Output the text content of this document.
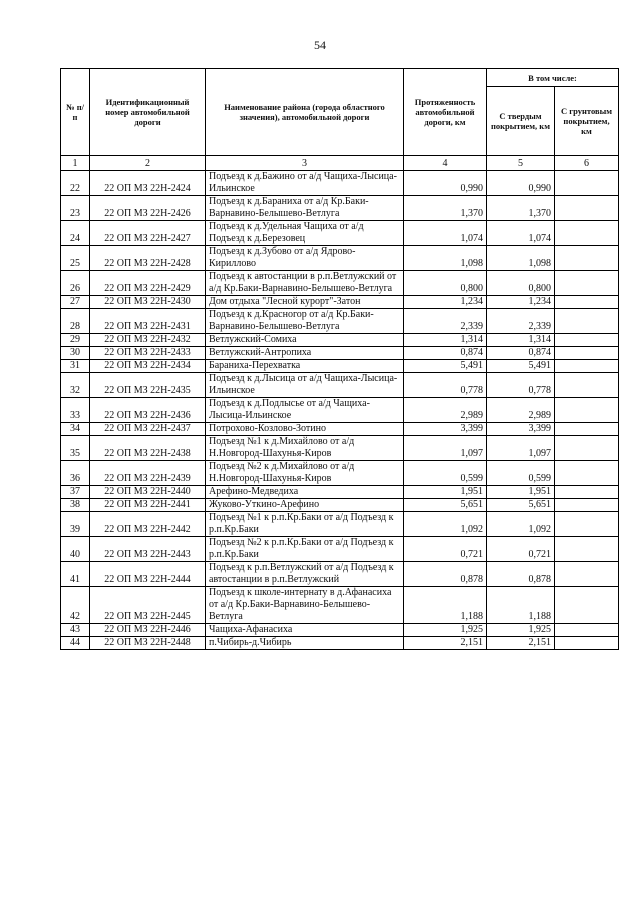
54
№ п/п	Идентификационный номер автомобильной дороги	Наименование района (города областного значения), автомобильной дороги	Протяженность автомобильной дороги, км	В том числе:	
				С твердым покрытием, км	С грунтовым покрытием, км
1	2	3	4	5	6
22	22 ОП МЗ 22Н-2424	Подъезд к д.Бажино от а/д Чащиха-Лысица-Ильинское	0,990	0,990	
23	22 ОП МЗ 22Н-2426	Подъезд к д.Бараниха от а/д Кр.Баки-Варнавино-Белышево-Ветлуга	1,370	1,370	
24	22 ОП МЗ 22Н-2427	Подъезд к д.Удельная Чащиха от а/д Подъезд к д.Березовец	1,074	1,074	
25	22 ОП МЗ 22Н-2428	Подъезд к д.Зубово от а/д Ядрово-Кириллово	1,098	1,098	
26	22 ОП МЗ 22Н-2429	Подъезд к автостанции в р.п.Ветлужский от а/д Кр.Баки-Варнавино-Белышево-Ветлуга	0,800	0,800	
27	22 ОП МЗ 22Н-2430	Дом отдыха "Лесной курорт"-Затон	1,234	1,234	
28	22 ОП МЗ 22Н-2431	Подъезд к д.Красногор от а/д Кр.Баки-Варнавино-Белышево-Ветлуга	2,339	2,339	
29	22 ОП МЗ 22Н-2432	Ветлужский-Сомиха	1,314	1,314	
30	22 ОП МЗ 22Н-2433	Ветлужский-Антропиха	0,874	0,874	
31	22 ОП МЗ 22Н-2434	Бараниха-Перехватка	5,491	5,491	
32	22 ОП МЗ 22Н-2435	Подъезд к д.Лысица от а/д Чащиха-Лысица-Ильинское	0,778	0,778	
33	22 ОП МЗ 22Н-2436	Подъезд к д.Подлысье от а/д Чащиха-Лысица-Ильинское	2,989	2,989	
34	22 ОП МЗ 22Н-2437	Потрохово-Козлово-Зотино	3,399	3,399	
35	22 ОП МЗ 22Н-2438	Подъезд №1 к д.Михайлово от а/д Н.Новгород-Шахунья-Киров	1,097	1,097	
36	22 ОП МЗ 22Н-2439	Подъезд №2 к д.Михайлово от а/д Н.Новгород-Шахунья-Киров	0,599	0,599	
37	22 ОП МЗ 22Н-2440	Арефино-Медведиха	1,951	1,951	
38	22 ОП МЗ 22Н-2441	Жуково-Уткино-Арефино	5,651	5,651	
39	22 ОП МЗ 22Н-2442	Подъезд №1 к р.п.Кр.Баки от а/д Подъезд к р.п.Кр.Баки	1,092	1,092	
40	22 ОП МЗ 22Н-2443	Подъезд №2 к р.п.Кр.Баки от а/д Подъезд к р.п.Кр.Баки	0,721	0,721	
41	22 ОП МЗ 22Н-2444	Подъезд к р.п.Ветлужский от а/д Подъезд к автостанции в р.п.Ветлужский	0,878	0,878	
42	22 ОП МЗ 22Н-2445	Подъезд к школе-интернату в д.Афанасиха от а/д Кр.Баки-Варнавино-Белышево-Ветлуга	1,188	1,188	
43	22 ОП МЗ 22Н-2446	Чащиха-Афанасиха	1,925	1,925	
44	22 ОП МЗ 22Н-2448	п.Чибирь-д.Чибирь	2,151	2,151	
